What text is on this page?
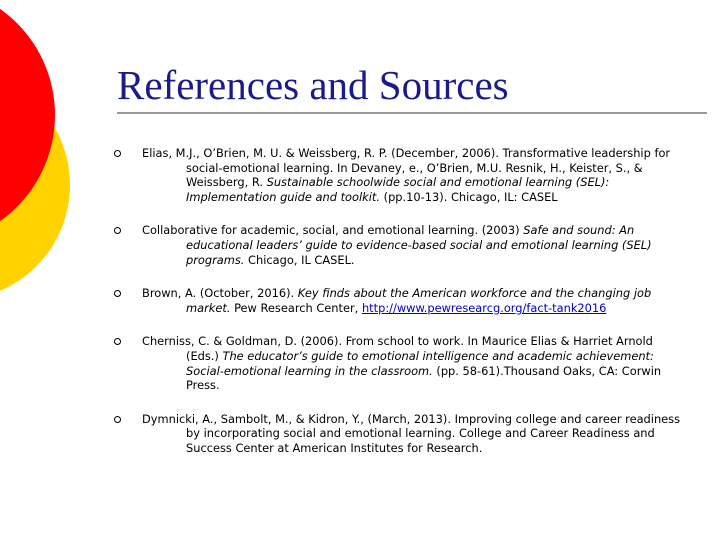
References and Sources
Elias, M.J., O’Brien, M. U. & Weissberg, R. P. (December, 2006). Transformative leadership for social-emotional learning. In Devaney, e., O’Brien, M.U. Resnik, H., Keister, S., & Weissberg, R. Sustainable schoolwide social and emotional learning (SEL): Implementation guide and toolkit. (pp.10-13). Chicago, IL: CASEL
Collaborative for academic, social, and emotional learning. (2003) Safe and sound: An educational leaders’ guide to evidence-based social and emotional learning (SEL) programs. Chicago, IL CASEL.
Brown, A. (October, 2016). Key finds about the American workforce and the changing job market. Pew Research Center, http://www.pewresearcg.org/fact-tank2016
Cherniss, C. & Goldman, D. (2006). From school to work. In Maurice Elias & Harriet Arnold (Eds.) The educator’s guide to emotional intelligence and academic achievement: Social-emotional learning in the classroom. (pp. 58-61).Thousand Oaks, CA: Corwin Press.
Dymnicki, A., Sambolt, M., & Kidron, Y., (March, 2013). Improving college and career readiness by incorporating social and emotional learning. College and Career Readiness and Success Center at American Institutes for Research.
